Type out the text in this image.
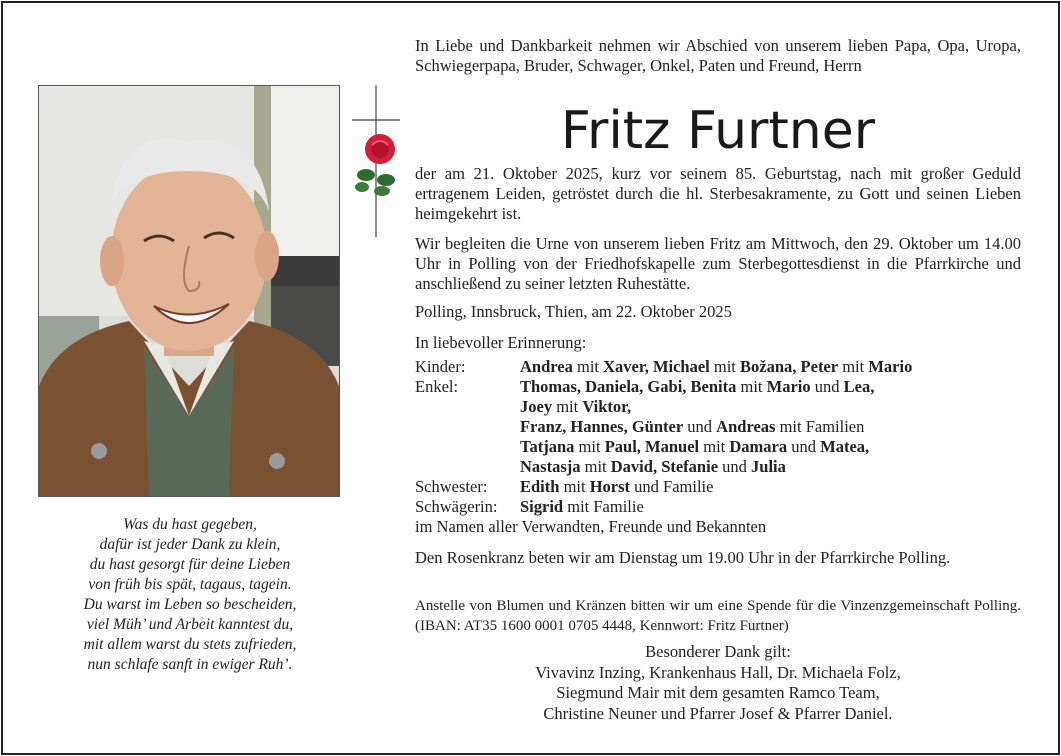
Was du hast gegeben,
dafür ist jeder Dank zu klein,
du hast gesorgt für deine Lieben
von früh bis spät, tagaus, tagein.
Du warst im Leben so bescheiden,
viel Müh’ und Arbeit kanntest du,
mit allem warst du stets zufrieden,
nun schlafe sanft in ewiger Ruh’.
In Liebe und Dankbarkeit nehmen wir Abschied von unserem lieben Papa, Opa, Uropa, Schwiegerpapa, Bruder, Schwager, Onkel, Paten und Freund, Herrn
Fritz Furtner
der am 21. Oktober 2025, kurz vor seinem 85. Geburtstag, nach mit großer Geduld ertragenem Leiden, getröstet durch die hl. Sterbesakramente, zu Gott und seinen Lieben heimgekehrt ist.
Wir begleiten die Urne von unserem lieben Fritz am Mittwoch, den 29. Oktober um 14.00 Uhr in Polling von der Friedhofskapelle zum Sterbegottesdienst in die Pfarrkirche und anschließend zu seiner letzten Ruhestätte.
Polling, Innsbruck, Thien, am 22. Oktober 2025
In liebevoller Erinnerung:
Kinder:	Andrea mit Xaver, Michael mit Božana, Peter mit Mario
Enkel:	Thomas, Daniela, Gabi, Benita mit Mario und Lea,
Joey mit Viktor,
Franz, Hannes, Günter und Andreas mit Familien
Tatjana mit Paul, Manuel mit Damara und Matea,
Nastasja mit David, Stefanie und Julia
Schwester:	Edith mit Horst und Familie
Schwägerin:	Sigrid mit Familie
im Namen aller Verwandten, Freunde und Bekannten
Den Rosenkranz beten wir am Dienstag um 19.00 Uhr in der Pfarrkirche Polling.
Anstelle von Blumen und Kränzen bitten wir um eine Spende für die Vinzenzgemeinschaft Polling. (IBAN: AT35 1600 0001 0705 4448, Kennwort: Fritz Furtner)
Besonderer Dank gilt:
Vivavinz Inzing, Krankenhaus Hall, Dr. Michaela Folz,
Siegmund Mair mit dem gesamten Ramco Team,
Christine Neuner und Pfarrer Josef & Pfarrer Daniel.
